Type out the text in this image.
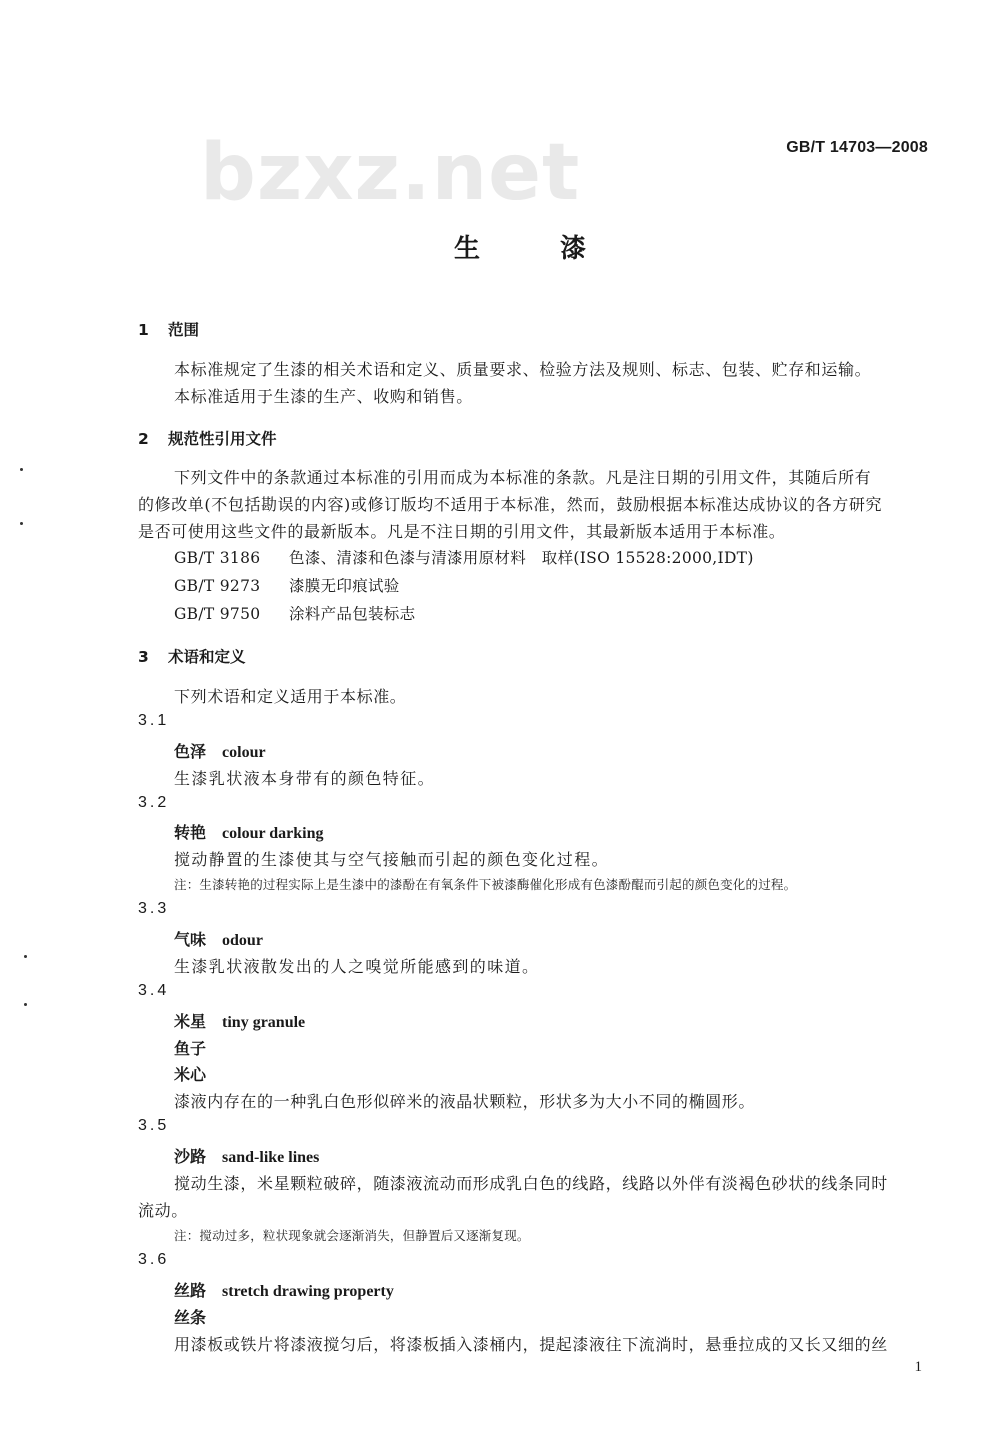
bzxz.net	GB/T 14703—2008
生漆
1 范围
本标准规定了生漆的相关术语和定义、质量要求、检验方法及规则、标志、包装、贮存和运输。
本标准适用于生漆的生产、收购和销售。
2 规范性引用文件
下列文件中的条款通过本标准的引用而成为本标准的条款。凡是注日期的引用文件，其随后所有
的修改单(不包括勘误的内容)或修订版均不适用于本标准，然而，鼓励根据本标准达成协议的各方研究
是否可使用这些文件的最新版本。凡是不注日期的引用文件，其最新版本适用于本标准。
GB/T 3186 色漆、清漆和色漆与清漆用原材料　取样(ISO 15528:2000,IDT)
GB/T 9273 漆膜无印痕试验
GB/T 9750 涂料产品包装标志
3 术语和定义
下列术语和定义适用于本标准。
3.1
色泽 colour
生漆乳状液本身带有的颜色特征。
3.2
转艳 colour darking
搅动静置的生漆使其与空气接触而引起的颜色变化过程。
注：生漆转艳的过程实际上是生漆中的漆酚在有氧条件下被漆酶催化形成有色漆酚醌而引起的颜色变化的过程。
3.3
气味 odour
生漆乳状液散发出的人之嗅觉所能感到的味道。
3.4
米星 tiny granule
鱼子
米心
漆液内存在的一种乳白色形似碎米的液晶状颗粒，形状多为大小不同的椭圆形。
3.5
沙路 sand-like lines
搅动生漆，米星颗粒破碎，随漆液流动而形成乳白色的线路，线路以外伴有淡褐色砂状的线条同时
流动。
注：搅动过多，粒状现象就会逐渐消失，但静置后又逐渐复现。
3.6
丝路 stretch drawing property
丝条
用漆板或铁片将漆液搅匀后，将漆板插入漆桶内，提起漆液往下流淌时，悬垂拉成的又长又细的丝
1
